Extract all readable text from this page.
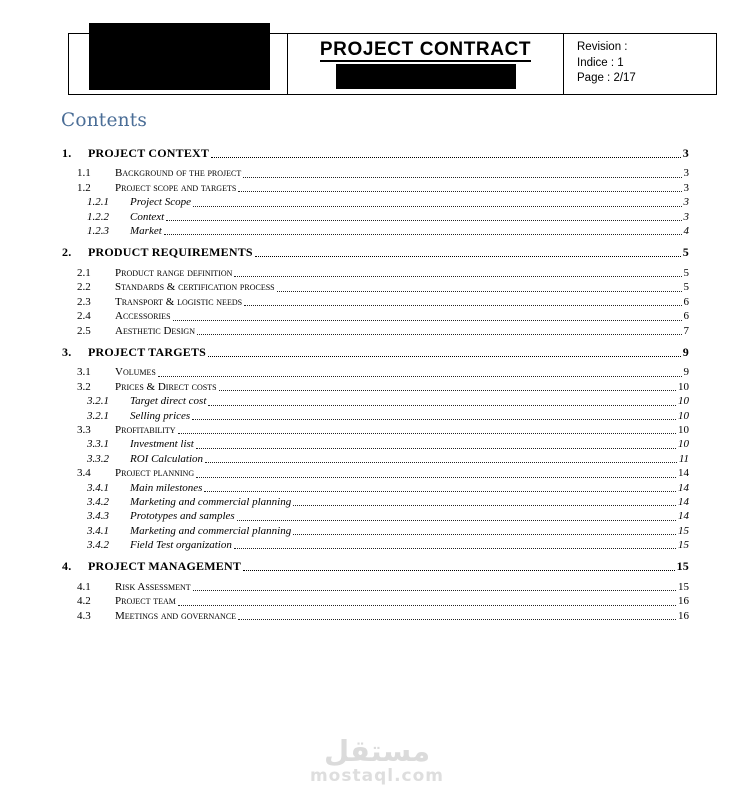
PROJECT CONTRACT	Revision :
Indice : 1
Page : 2/17
Contents
1.	PROJECT CONTEXT	3
1.1	Background of the project	3
1.2	Project scope and targets	3
1.2.1	Project Scope	3
1.2.2	Context	3
1.2.3	Market	4
2.	PRODUCT REQUIREMENTS	5
2.1	Product range definition	5
2.2	Standards & certification process	5
2.3	Transport & logistic needs	6
2.4	Accessories	6
2.5	Aesthetic Design	7
3.	PROJECT TARGETS	9
3.1	Volumes	9
3.2	Prices & Direct costs	10
3.2.1	Target direct cost	10
3.2.1	Selling prices	10
3.3	Profitability	10
3.3.1	Investment list	10
3.3.2	ROI Calculation	11
3.4	Project planning	14
3.4.1	Main milestones	14
3.4.2	Marketing and commercial planning	14
3.4.3	Prototypes and samples	14
3.4.1	Marketing and commercial planning	15
3.4.2	Field Test organization	15
4.	PROJECT MANAGEMENT	15
4.1	Risk Assessment	15
4.2	Project team	16
4.3	Meetings and governance	16
مستقل
mostaql.com
